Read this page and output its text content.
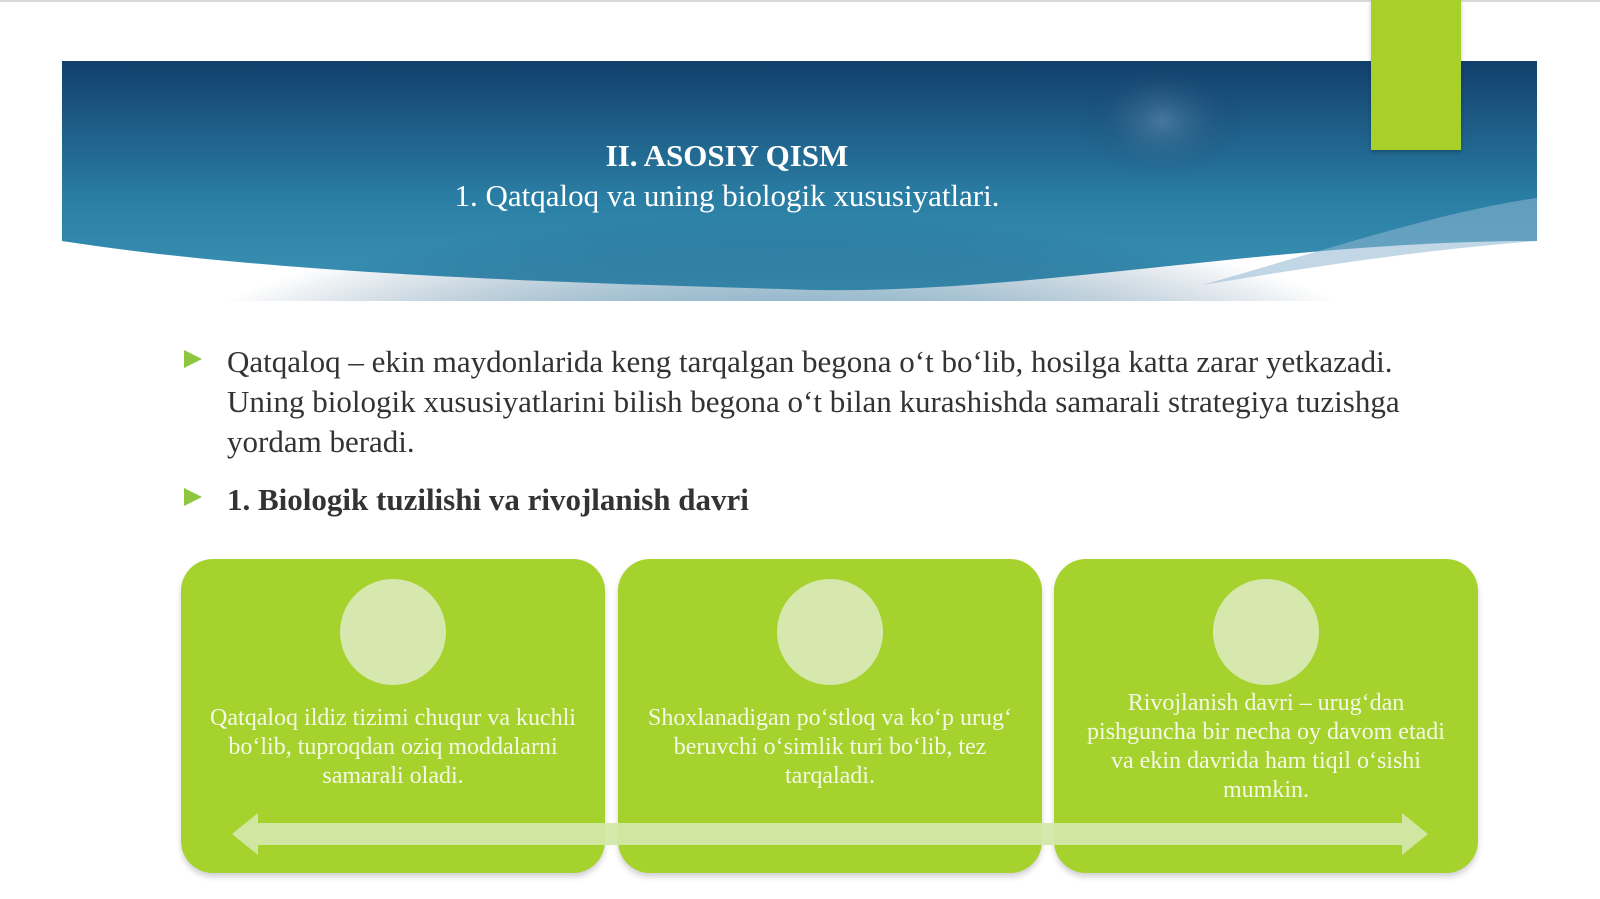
II. ASOSIY QISM
1. Qatqaloq va uning biologik xususiyatlari.
Qatqaloq – ekin maydonlarida keng tarqalgan begona o‘t bo‘lib, hosilga katta zarar yetkazadi. Uning biologik xususiyatlarini bilish begona o‘t bilan kurashishda samarali strategiya tuzishga yordam beradi.
1. Biologik tuzilishi va rivojlanish davri
Qatqaloq ildiz tizimi chuqur va kuchli bo‘lib, tuproqdan oziq moddalarni samarali oladi.
Shoxlanadigan po‘stloq va ko‘p urug‘ beruvchi o‘simlik turi bo‘lib, tez tarqaladi.
Rivojlanish davri – urug‘dan pishguncha bir necha oy davom etadi va ekin davrida ham tiqil o‘sishi mumkin.
